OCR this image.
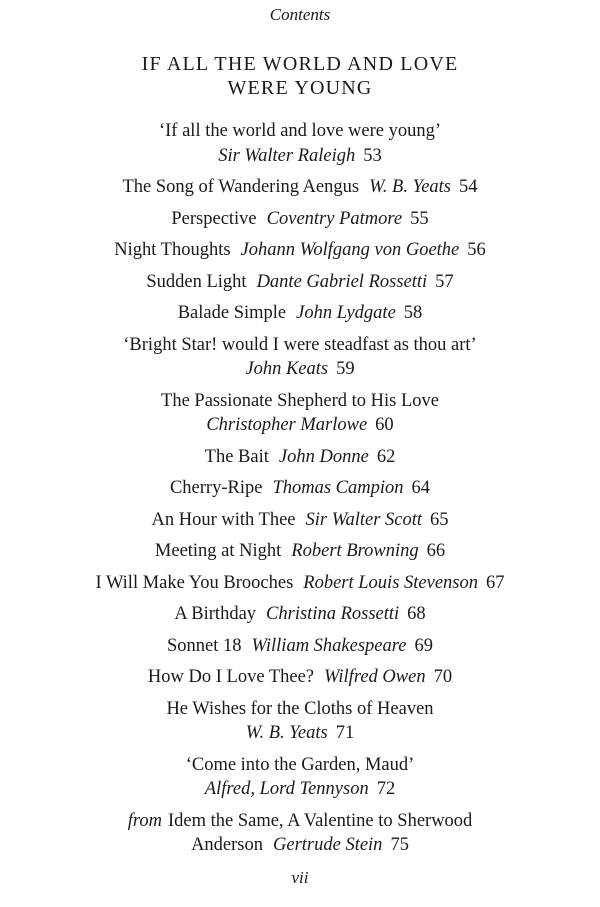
Contents
IF ALL THE WORLD AND LOVE
WERE YOUNG
‘If all the world and love were young’
Sir Walter Raleigh 53
The Song of Wandering Aengus W. B. Yeats 54
Perspective Coventry Patmore 55
Night Thoughts Johann Wolfgang von Goethe 56
Sudden Light Dante Gabriel Rossetti 57
Balade Simple John Lydgate 58
‘Bright Star! would I were steadfast as thou art’
John Keats 59
The Passionate Shepherd to His Love
Christopher Marlowe 60
The Bait John Donne 62
Cherry-Ripe Thomas Campion 64
An Hour with Thee Sir Walter Scott 65
Meeting at Night Robert Browning 66
I Will Make You Brooches Robert Louis Stevenson 67
A Birthday Christina Rossetti 68
Sonnet 18 William Shakespeare 69
How Do I Love Thee? Wilfred Owen 70
He Wishes for the Cloths of Heaven
W. B. Yeats 71
‘Come into the Garden, Maud’
Alfred, Lord Tennyson 72
from Idem the Same, A Valentine to Sherwood
Anderson Gertrude Stein 75
vii
